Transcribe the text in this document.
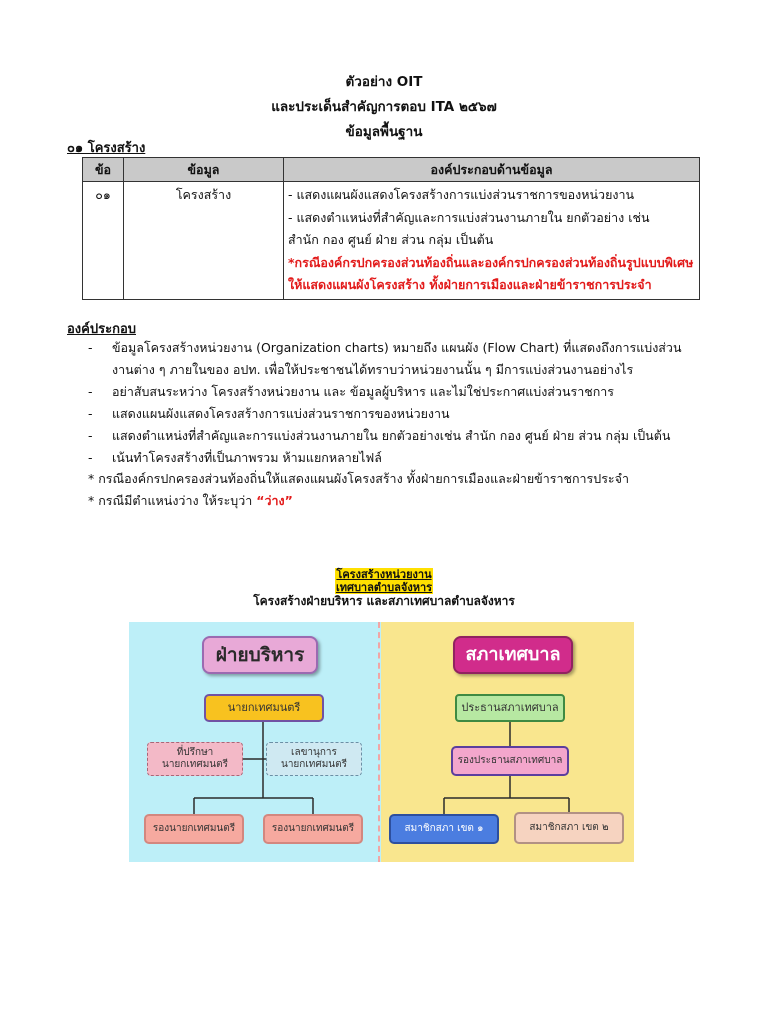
ตัวอย่าง OIT
และประเด็นสำคัญการตอบ ITA ๒๕๖๗
ข้อมูลพื้นฐาน
๐๑ โครงสร้าง
ข้อ	ข้อมูล	องค์ประกอบด้านข้อมูล
๐๑	โครงสร้าง	- แสดงแผนผังแสดงโครงสร้างการแบ่งส่วนราชการของหน่วยงาน
- แสดงตำแหน่งที่สำคัญและการแบ่งส่วนงานภายใน ยกตัวอย่าง เช่น
สำนัก กอง ศูนย์ ฝ่าย ส่วน กลุ่ม เป็นต้น
*กรณีองค์กรปกครองส่วนท้องถิ่นและองค์กรปกครองส่วนท้องถิ่นรูปแบบพิเศษ ให้แสดงแผนผังโครงสร้าง ทั้งฝ่ายการเมืองและฝ่ายข้าราชการประจำ
องค์ประกอบ
- ข้อมูลโครงสร้างหน่วยงาน (Organization charts) หมายถึง แผนผัง (Flow Chart) ที่แสดงถึงการแบ่งส่วนงานต่าง ๆ ภายในของ อปท. เพื่อให้ประชาชนได้ทราบว่าหน่วยงานนั้น ๆ มีการแบ่งส่วนงานอย่างไร
- อย่าสับสนระหว่าง โครงสร้างหน่วยงาน และ ข้อมูลผู้บริหาร และไม่ใช่ประกาศแบ่งส่วนราชการ
- แสดงแผนผังแสดงโครงสร้างการแบ่งส่วนราชการของหน่วยงาน
- แสดงตำแหน่งที่สำคัญและการแบ่งส่วนงานภายใน ยกตัวอย่างเช่น สำนัก กอง ศูนย์ ฝ่าย ส่วน กลุ่ม เป็นต้น
- เน้นทำโครงสร้างที่เป็นภาพรวม ห้ามแยกหลายไฟล์
* กรณีองค์กรปกครองส่วนท้องถิ่นให้แสดงแผนผังโครงสร้าง ทั้งฝ่ายการเมืองและฝ่ายข้าราชการประจำ
* กรณีมีตำแหน่งว่าง ให้ระบุว่า “ว่าง”
โครงสร้างหน่วยงาน
เทศบาลตำบลจังหาร
โครงสร้างฝ่ายบริหาร และสภาเทศบาลตำบลจังหาร
ฝ่ายบริหาร
นายกเทศมนตรี
ที่ปรึกษา
นายกเทศมนตรี
เลขานุการ
นายกเทศมนตรี
รองนายกเทศมนตรี	รองนายกเทศมนตรี
สภาเทศบาล
ประธานสภาเทศบาล
รองประธานสภาเทศบาล
สมาชิกสภา เขต ๑	สมาชิกสภา เขต ๒
